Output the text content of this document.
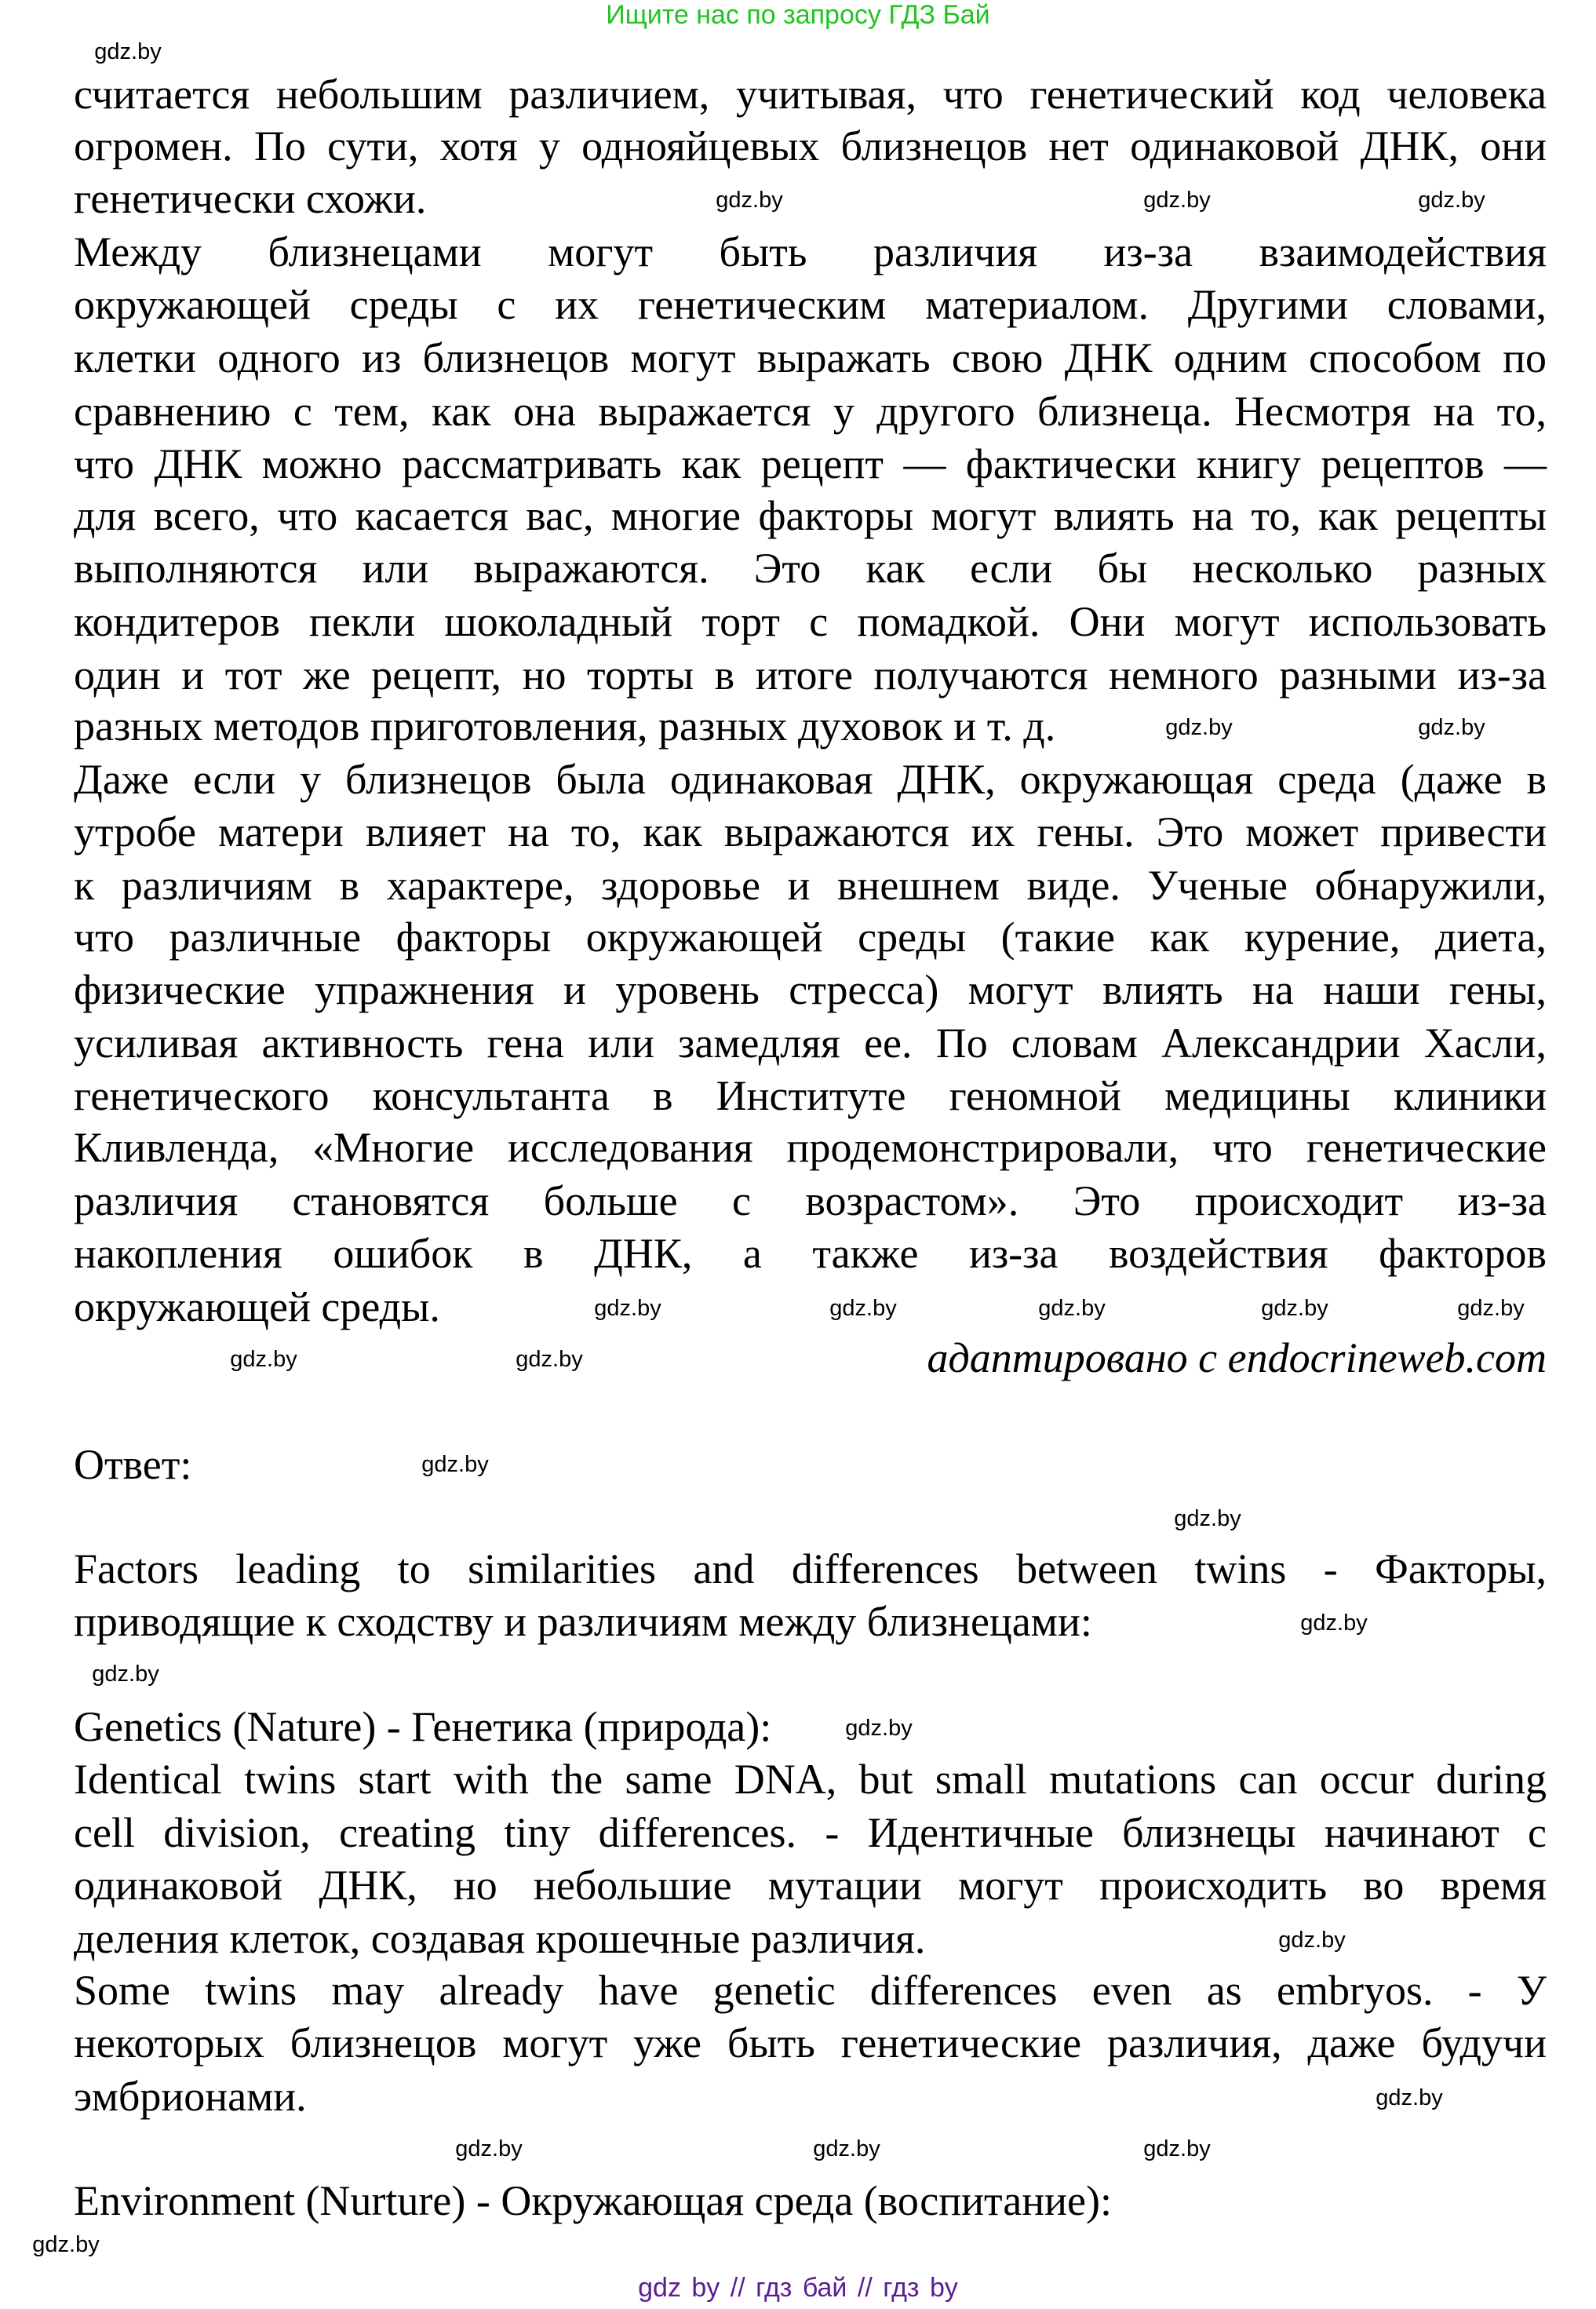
Ищите нас по запросу ГДЗ Бай
считается небольшим различием, учитывая, что генетический код человека
огромен. По сути, хотя у однояйцевых близнецов нет одинаковой ДНК, они
генетически схожи.
Между близнецами могут быть различия из-за взаимодействия
окружающей среды с их генетическим материалом. Другими словами,
клетки одного из близнецов могут выражать свою ДНК одним способом по
сравнению с тем, как она выражается у другого близнеца. Несмотря на то,
что ДНК можно рассматривать как рецепт — фактически книгу рецептов —
для всего, что касается вас, многие факторы могут влиять на то, как рецепты
выполняются или выражаются. Это как если бы несколько разных
кондитеров пекли шоколадный торт с помадкой. Они могут использовать
один и тот же рецепт, но торты в итоге получаются немного разными из-за
разных методов приготовления, разных духовок и т. д.
Даже если у близнецов была одинаковая ДНК, окружающая среда (даже в
утробе матери влияет на то, как выражаются их гены. Это может привести
к различиям в характере, здоровье и внешнем виде. Ученые обнаружили,
что различные факторы окружающей среды (такие как курение, диета,
физические упражнения и уровень стресса) могут влиять на наши гены,
усиливая активность гена или замедляя ее. По словам Александрии Хасли,
генетического консультанта в Институте геномной медицины клиники
Кливленда, «Многие исследования продемонстрировали, что генетические
различия становятся больше с возрастом». Это происходит из-за
накопления ошибок в ДНК, а также из-за воздействия факторов
окружающей среды.
адаптировано с endocrineweb.com
Ответ:
Factors leading to similarities and differences between twins - Факторы,
приводящие к сходству и различиям между близнецами:
Genetics (Nature) - Генетика (природа):
Identical twins start with the same DNA, but small mutations can occur during
cell division, creating tiny differences. - Идентичные близнецы начинают с
одинаковой ДНК, но небольшие мутации могут происходить во время
деления клеток, создавая крошечные различия.
Some twins may already have genetic differences even as embryos. - У
некоторых близнецов могут уже быть генетические различия, даже будучи
эмбрионами.
Environment (Nurture) - Окружающая среда (воспитание):
gdz.by
gdz.by	gdz.by	gdz.by
gdz.by	gdz.by
gdz.by	gdz.by	gdz.by	gdz.by	gdz.by
gdz.by	gdz.by
gdz.by
gdz.by
gdz.by
gdz.by
gdz.by
gdz.by
gdz.by
gdz.by	gdz.by	gdz.by
gdz.by
gdz by // гдз бай // гдз by
